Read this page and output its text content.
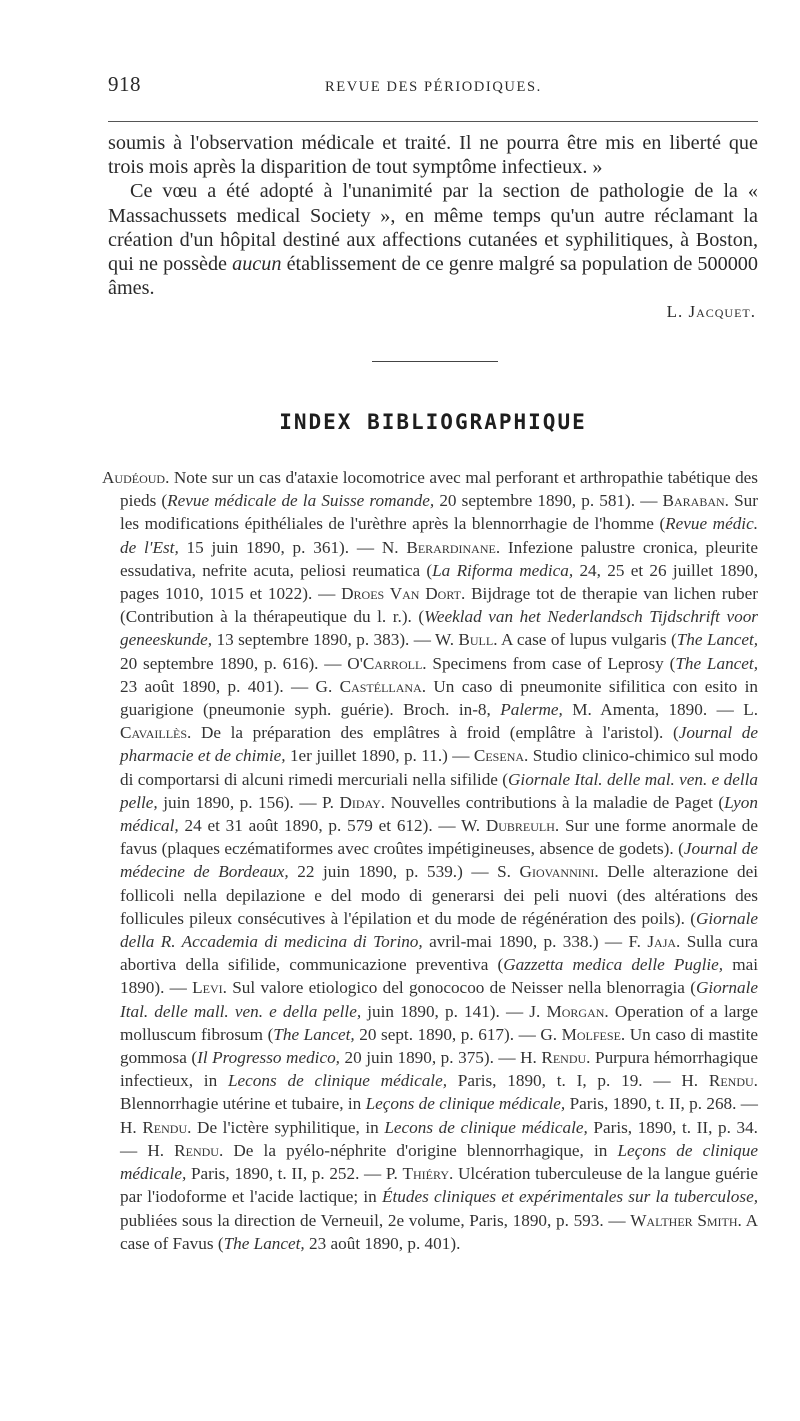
918	REVUE DES PÉRIODIQUES.

soumis à l'observation médicale et traité. Il ne pourra être mis en liberté que trois mois après la disparition de tout symptôme infectieux. »

Ce vœu a été adopté à l'unanimité par la section de pathologie de la « Massachussets medical Society », en même temps qu'un autre réclamant la création d'un hôpital destiné aux affections cutanées et syphilitiques, à Boston, qui ne possède aucun établissement de ce genre malgré sa population de 500000 âmes.

L. Jacquet.
INDEX BIBLIOGRAPHIQUE

Audéoud. Note sur un cas d'ataxie locomotrice avec mal perforant et arthropathie tabétique des pieds (Revue médicale de la Suisse romande, 20 septembre 1890, p. 581). — Baraban. Sur les modifications épithéliales de l'urèthre après la blennorrhagie de l'homme (Revue médic. de l'Est, 15 juin 1890, p. 361). — N. Berardinane. Infezione palustre cronica, pleurite essudativa, nefrite acuta, peliosi reumatica (La Riforma medica, 24, 25 et 26 juillet 1890, pages 1010, 1015 et 1022). — Droes Van Dort. Bijdrage tot de therapie van lichen ruber (Contribution à la thérapeutique du l. r.). (Weeklad van het Nederlandsch Tijdschrift voor geneeskunde, 13 septembre 1890, p. 383). — W. Bull. A case of lupus vulgaris (The Lancet, 20 septembre 1890, p. 616). — O'Carroll. Specimens from case of Leprosy (The Lancet, 23 août 1890, p. 401). — G. Castéllana. Un caso di pneumonite sifilitica con esito in guarigione (pneumonie syph. guérie). Broch. in-8, Palerme, M. Amenta, 1890. — L. Cavaillès. De la préparation des emplâtres à froid (emplâtre à l'aristol). (Journal de pharmacie et de chimie, 1er juillet 1890, p. 11.) — Cesena. Studio clinico-chimico sul modo di comportarsi di alcuni rimedi mercuriali nella sifilide (Giornale Ital. delle mal. ven. e della pelle, juin 1890, p. 156). — P. Diday. Nouvelles contributions à la maladie de Paget (Lyon médical, 24 et 31 août 1890, p. 579 et 612). — W. Dubreulh. Sur une forme anormale de favus (plaques eczématiformes avec croûtes impétigineuses, absence de godets). (Journal de médecine de Bordeaux, 22 juin 1890, p. 539.) — S. Giovannini. Delle alterazione dei follicoli nella depilazione e del modo di generarsi dei peli nuovi (des altérations des follicules pileux consécutives à l'épilation et du mode de régénération des poils). (Giornale della R. Accademia di medicina di Torino, avril-mai 1890, p. 338.) — F. Jaja. Sulla cura abortiva della sifilide, communicazione preventiva (Gazzetta medica delle Puglie, mai 1890). — Levi. Sul valore etiologico del gonococoo de Neisser nella blenorragia (Giornale Ital. delle mall. ven. e della pelle, juin 1890, p. 141). — J. Morgan. Operation of a large molluscum fibrosum (The Lancet, 20 sept. 1890, p. 617). — G. Molfese. Un caso di mastite gommosa (Il Progresso medico, 20 juin 1890, p. 375). — H. Rendu. Purpura hémorrhagique infectieux, in Lecons de clinique médicale, Paris, 1890, t. I, p. 19. — H. Rendu. Blennorrhagie utérine et tubaire, in Leçons de clinique médicale, Paris, 1890, t. II, p. 268. — H. Rendu. De l'ictère syphilitique, in Lecons de clinique médicale, Paris, 1890, t. II, p. 34. — H. Rendu. De la pyélo-néphrite d'origine blennorrhagique, in Leçons de clinique médicale, Paris, 1890, t. II, p. 252. — P. Thiéry. Ulcération tuberculeuse de la langue guérie par l'iodoforme et l'acide lactique; in Études cliniques et expérimentales sur la tuberculose, publiées sous la direction de Verneuil, 2e volume, Paris, 1890, p. 593. — Walther Smith. A case of Favus (The Lancet, 23 août 1890, p. 401).
